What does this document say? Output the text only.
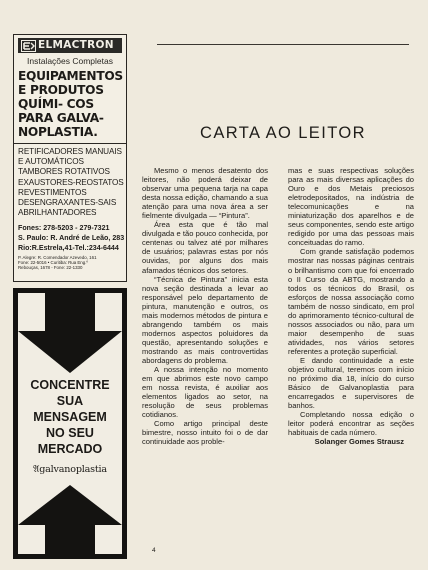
ELMACTRON
Instalações Completas
EQUIPAMENTOS E PRODUTOS QUÍMI- COS PARA GALVA- NOPLASTIA.
RETIFICADORES MANUAIS
E AUTOMÁTICOS
TAMBORES ROTATIVOS
EXAUSTORES-REOSTATOS
REVESTIMENTOS
DESENGRAXANTES-SAIS
ABRILHANTADORES
Fones: 278-5203 - 279-7321
S. Paulo: R. André de Leão, 283
Rio:R.Estrela,41-Tel.:234-6444
P. Alegre: R. Comendador Azevedo, 161
Fone: 22-5016 • Curitiba: Rua Eng.º
Rebouças, 1678 - Fone: 22-1330
CONCENTRE
SUA
MENSAGEM
NO SEU
MERCADO
𝔄galvanoplastia
CARTA AO LEITOR

Mesmo o menos desatento dos leitores, não poderá deixar de observar uma pequena tarja na capa desta nossa edição, chamando a sua atenção para uma nova área a ser fielmente divulgada — “Pintura”.

Área esta que é tão mal divulgada e tão pouco conhecida, por centenas ou talvez até por milhares de usuários; palavras estas por nós ouvidas, por alguns dos mais afamados técnicos dos setores.

“Técnica de Pintura” inicia esta nova seção destinada a levar ao responsável pelo departamento de pintura, manutenção e outros, os mais modernos métodos de pintura e abrangendo também os mais modernos aspectos poluidores da questão, apresentando soluções e mostrando as mais controvertidas abordagens do problema.

A nossa intenção no momento em que abrimos este novo campo em nossa revista, é auxiliar aos elementos ligados ao setor, na resolução de seus problemas cotidianos.

Como artigo principal deste bimestre, nosso intuito foi o de dar continuidade aos proble-

mas e suas respectivas soluções para as mais diversas aplicações do Ouro e dos Metais preciosos eletrodepositados, na indústria de telecomunicações e na miniaturização dos aparelhos e de seus componentes, sendo este artigo redigido por uma das pessoas mais conceituadas do ramo.

Com grande satisfação podemos mostrar nas nossas páginas centrais o brilhantismo com que foi encerrado o II Curso da ABTG, mostrando a todos os técnicos do Brasil, os esforços de nossa associação como também de nosso sindicato, em prol do aprimoramento técnico-cultural de nossos associados ou não, para um maior desempenho de suas atividades, nos vários setores referentes a proteção superficial.

E dando continuidade a este objetivo cultural, teremos com início no próximo dia 18, início do curso Básico de Galvanoplastia para encarregados e supervisores de banhos.

Completando nossa edição o leitor poderá encontrar as seções habituais de cada número.

Solanger Gomes Strausz

4
